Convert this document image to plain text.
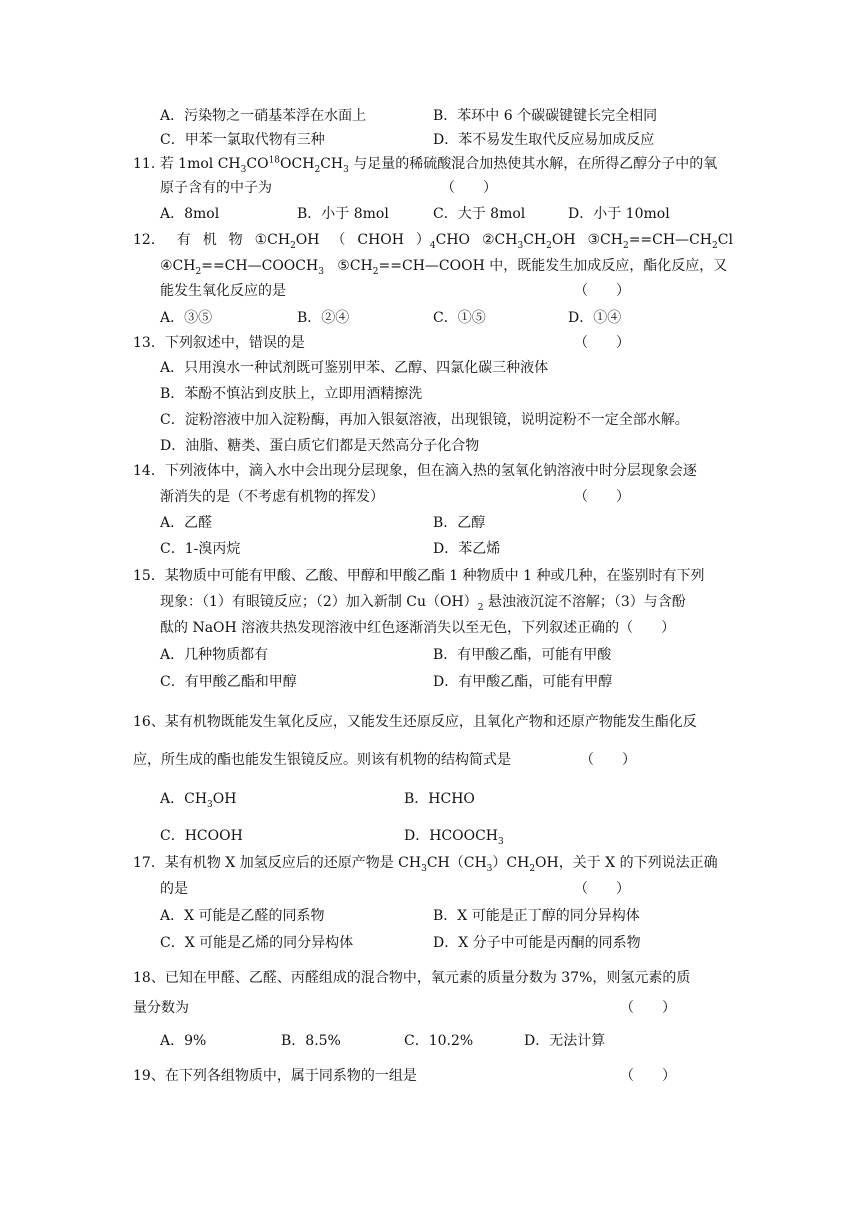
A．污染物之一硝基苯浮在水面上	B．苯环中 6 个碳碳键键长完全相同
C．甲苯一氯取代物有三种	D．苯不易发生取代反应易加成反应
11. 若 1mol $CH_3CO^{18}OCH_2CH_3$ 与足量的稀硫酸混合加热使其水解，在所得乙醇分子中的氧
原子含有的中子为	（　　）
A．8mol	B．小于 8mol	C．大于 8mol	D．小于 10mol
12． 有 机 物 $①CH_2OH$ （ CHOH ）$_4CHO$ $②CH_3CH_2OH$ $③CH_2==CH—CH_2Cl$
$④CH_2==CH—COOCH_3$ $⑤CH_2==CH—COOH$ 中，既能发生加成反应，酯化反应，又
能发生氧化反应的是	（　　）
A．③⑤	B．②④	C．①⑤	D．①④
13．下列叙述中，错误的是	（　　）
A．只用溴水一种试剂既可鉴别甲苯、乙醇、四氯化碳三种液体
B．苯酚不慎沾到皮肤上，立即用酒精擦洗
C．淀粉溶液中加入淀粉酶，再加入银氨溶液，出现银镜，说明淀粉不一定全部水解。
D．油脂、糖类、蛋白质它们都是天然高分子化合物
14．下列液体中，滴入水中会出现分层现象，但在滴入热的氢氧化钠溶液中时分层现象会逐
渐消失的是（不考虑有机物的挥发）	（　　）
A．乙醛	B．乙醇
C．1-溴丙烷	D．苯乙烯
15．某物质中可能有甲酸、乙酸、甲醇和甲酸乙酯 1 种物质中 1 种或几种，在鉴别时有下列
现象：（1）有眼镜反应；（2）加入新制 $Cu(OH)_2$ 悬浊液沉淀不溶解；（3）与含酚
酞的 NaOH 溶液共热发现溶液中红色逐渐消失以至无色，下列叙述正确的（　　）
A．几种物质都有	B．有甲酸乙酯，可能有甲酸
C．有甲酸乙酯和甲醇	D．有甲酸乙酯，可能有甲醇
16、某有机物既能发生氧化反应，又能发生还原反应，且氧化产物和还原产物能发生酯化反
应，所生成的酯也能发生银镜反应。则该有机物的结构简式是	（　　）
A．$CH_3OH$	B．HCHO
C．HCOOH	D．$HCOOCH_3$
17．某有机物 X 加氢反应后的还原产物是 $CH_3CH(CH_3)CH_2OH$，关于 X 的下列说法正确
的是	（　　）
A．X 可能是乙醛的同系物	B．X 可能是正丁醇的同分异构体
C．X 可能是乙烯的同分异构体	D．X 分子中可能是丙酮的同系物
18、已知在甲醛、乙醛、丙醛组成的混合物中，氧元素的质量分数为 37%，则氢元素的质
量分数为	（　　）
A．9%	B．8.5%	C．10.2%	D．无法计算
19、在下列各组物质中，属于同系物的一组是	（　　）
